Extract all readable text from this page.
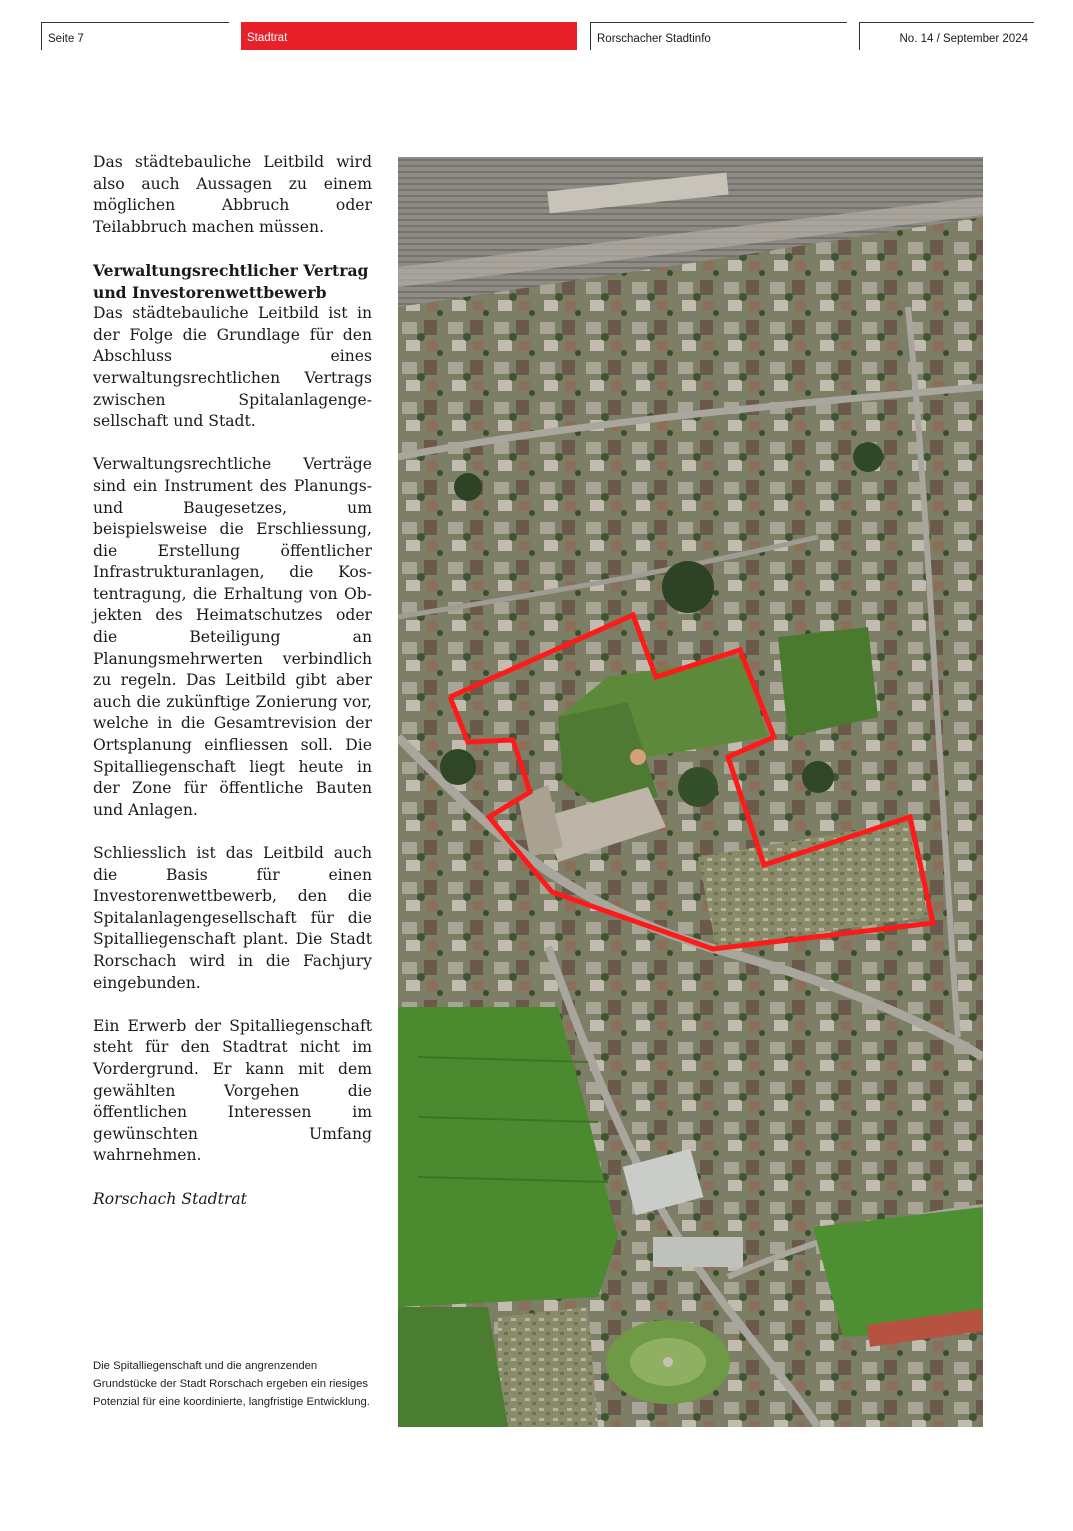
Seite 7	Stadtrat	Rorschacher Stadtinfo	No. 14 / September 2024

Das städtebauliche Leitbild wird also auch Aussagen zu einem möglichen Abbruch oder Teilabbruch machen müssen.

Verwaltungsrechtlicher Vertrag
und Investorenwettbewerb

Das städtebauliche Leitbild ist in der Folge die Grundlage für den Abschluss eines verwaltungsrechtlichen Vertrags zwischen Spitalanlagengesellschaft und Stadt.

Verwaltungsrechtliche Verträge sind ein Instrument des Planungs- und Baugesetzes, um beispielsweise die Erschliessung, die Erstellung öffentlicher Infrastrukturanlagen, die Kostentragung, die Erhaltung von Objekten des Heimatschutzes oder die Beteiligung an Planungsmehrwerten verbindlich zu regeln. Das Leitbild gibt aber auch die zukünftige Zonierung vor, welche in die Gesamtrevision der Ortsplanung einfliessen soll. Die Spitalliegenschaft liegt heute in der Zone für öffentliche Bauten und Anlagen.

Schliesslich ist das Leitbild auch die Basis für einen Investorenwettbewerb, den die Spitalanlagengesellschaft für die Spitalliegenschaft plant. Die Stadt Rorschach wird in die Fachjury eingebunden.

Ein Erwerb der Spitalliegenschaft steht für den Stadtrat nicht im Vordergrund. Er kann mit dem gewählten Vorgehen die öffentlichen Interessen im gewünschten Umfang wahrnehmen.

Rorschach Stadtrat

Die Spitalliegenschaft und die angrenzenden Grundstücke der Stadt Rorschach ergeben ein riesiges Potenzial für eine koordinierte, langfristige Entwicklung.
